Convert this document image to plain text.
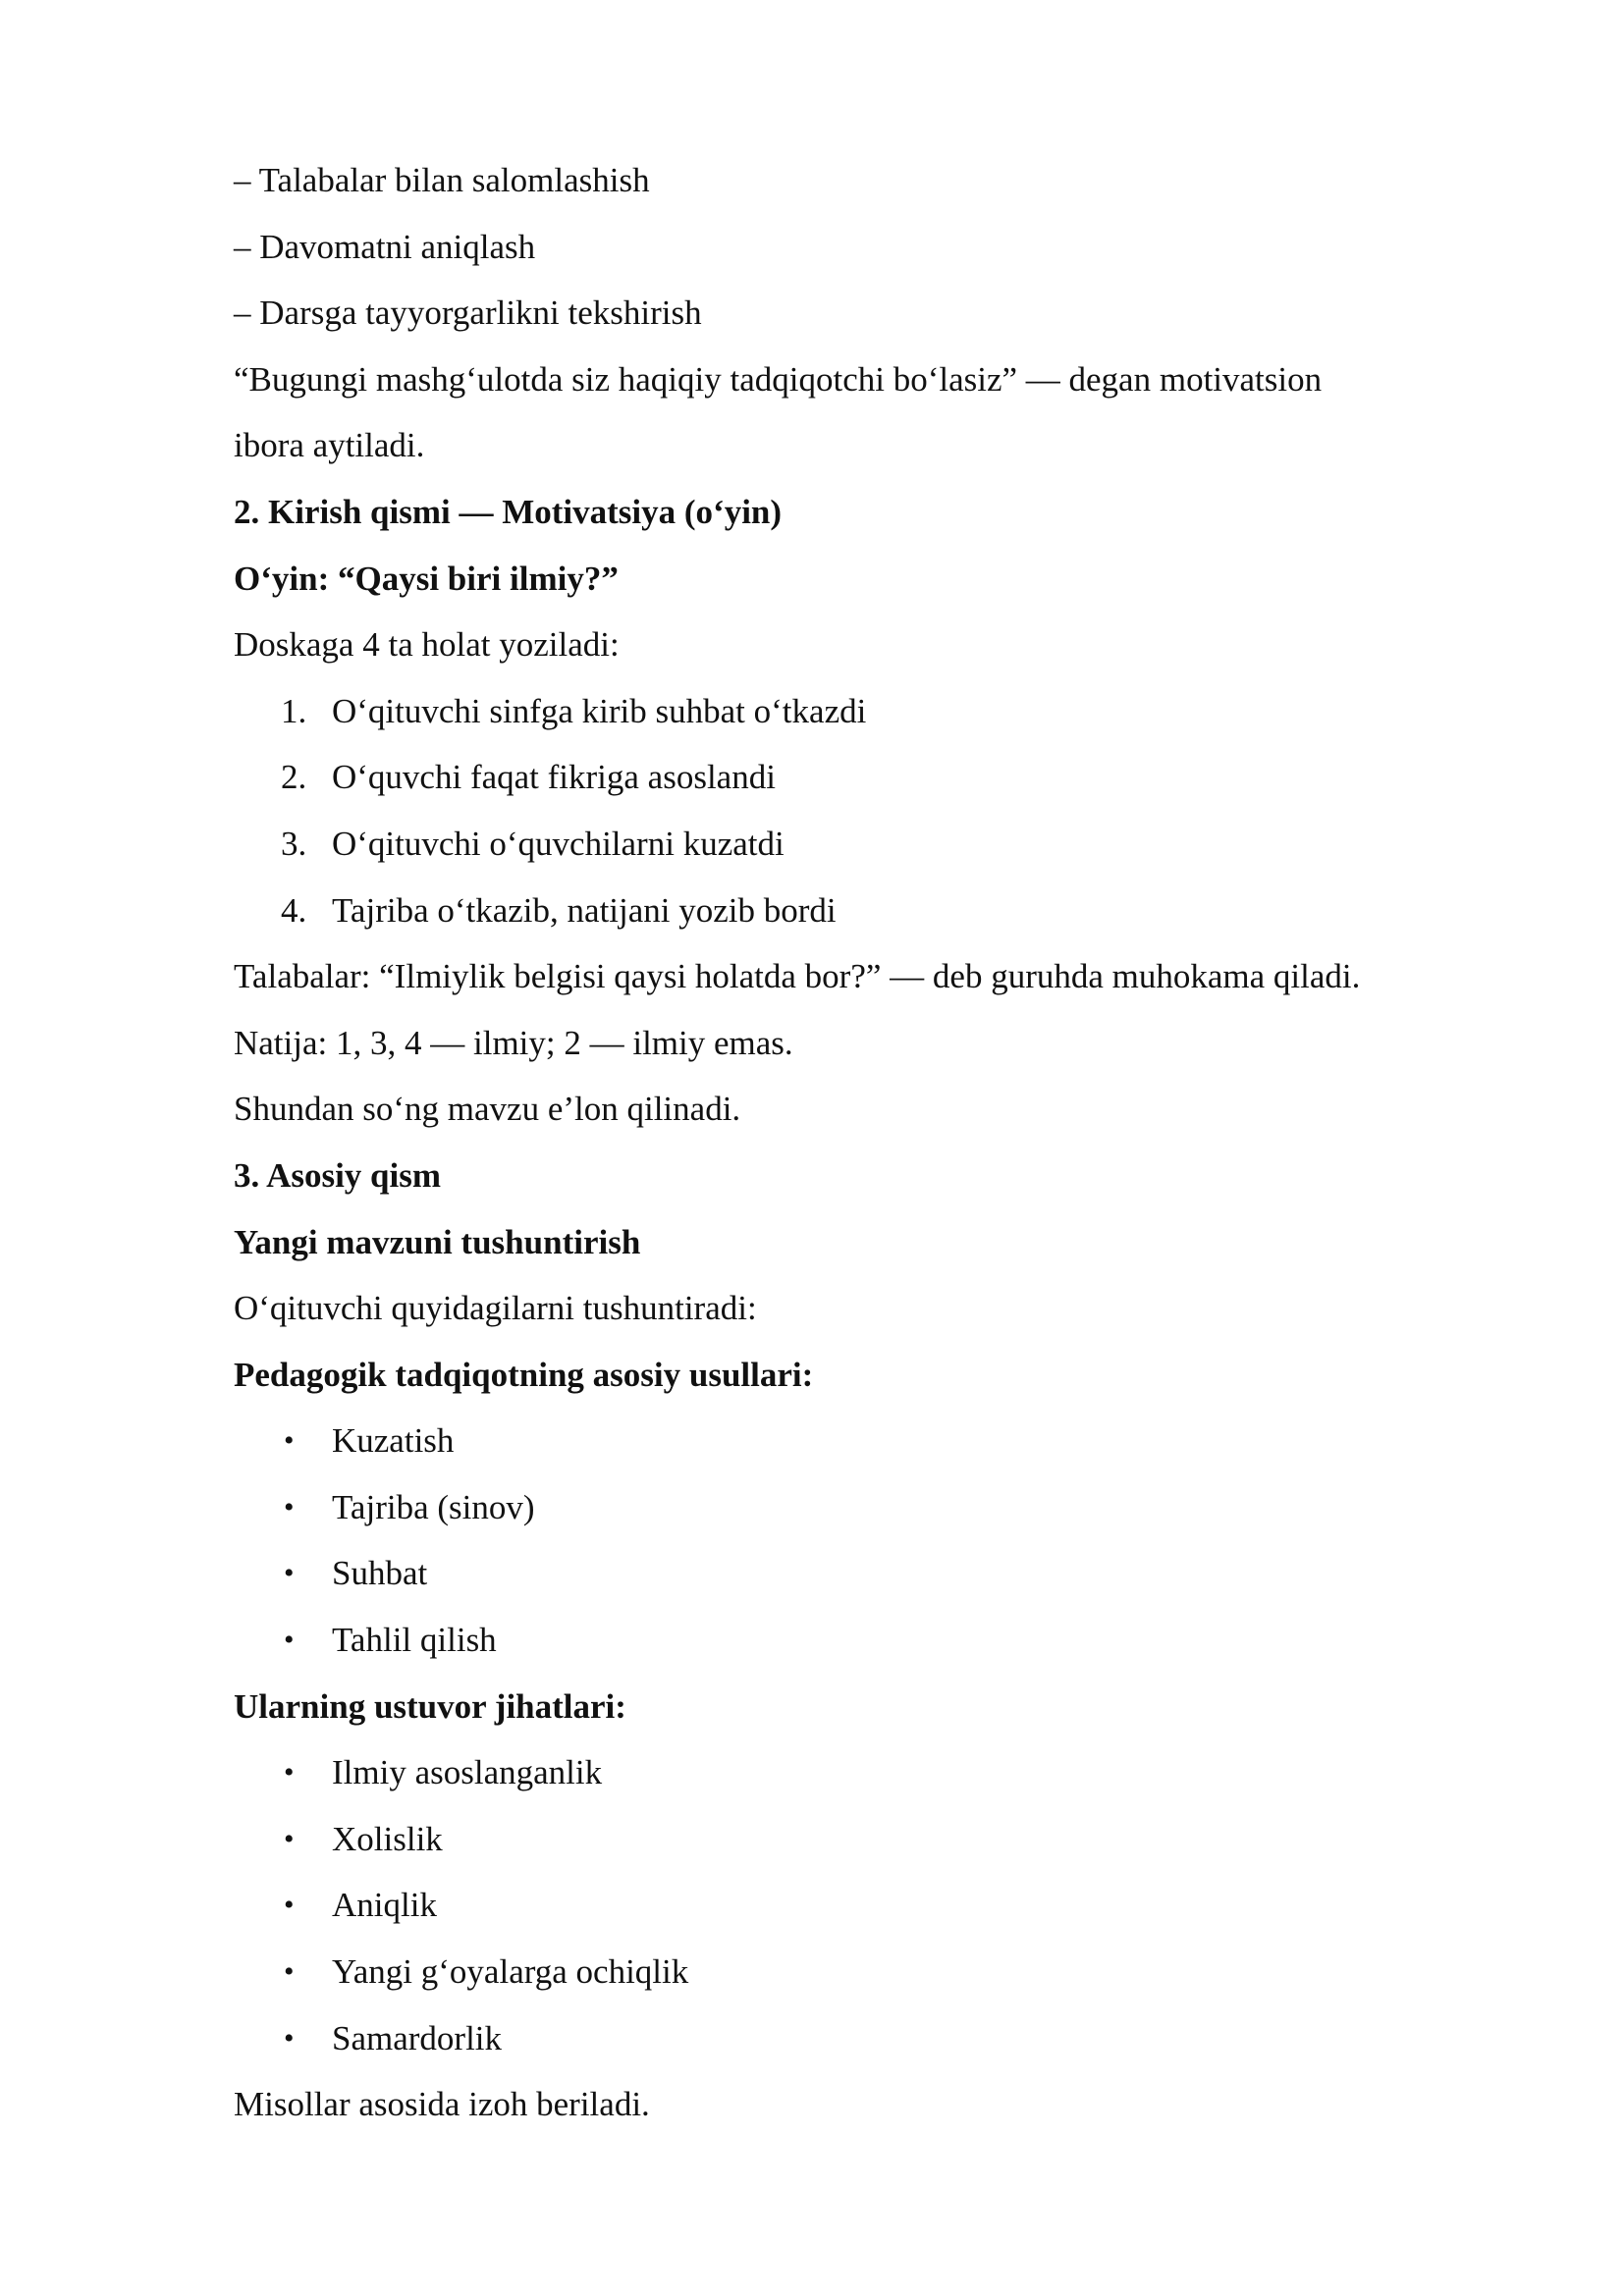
– Talabalar bilan salomlashish

– Davomatni aniqlash

– Darsga tayyorgarlikni tekshirish

“Bugungi mashg‘ulotda siz haqiqiy tadqiqotchi bo‘lasiz” — degan motivatsion

ibora aytiladi.

2. Kirish qismi — Motivatsiya (o‘yin)

O‘yin: “Qaysi biri ilmiy?”

Doskaga 4 ta holat yoziladi:

1. O‘qituvchi sinfga kirib suhbat o‘tkazdi
2. O‘quvchi faqat fikriga asoslandi
3. O‘qituvchi o‘quvchilarni kuzatdi
4. Tajriba o‘tkazib, natijani yozib bordi

Talabalar: “Ilmiylik belgisi qaysi holatda bor?” — deb guruhda muhokama qiladi.

Natija: 1, 3, 4 — ilmiy; 2 — ilmiy emas.

Shundan so‘ng mavzu e’lon qilinadi.

3. Asosiy qism

Yangi mavzuni tushuntirish

O‘qituvchi quyidagilarni tushuntiradi:

Pedagogik tadqiqotning asosiy usullari:

•	Kuzatish
•	Tajriba (sinov)
•	Suhbat
•	Tahlil qilish

Ularning ustuvor jihatlari:

•	Ilmiy asoslanganlik
•	Xolislik
•	Aniqlik
•	Yangi g‘oyalarga ochiqlik
•	Samardorlik

Misollar asosida izoh beriladi.
